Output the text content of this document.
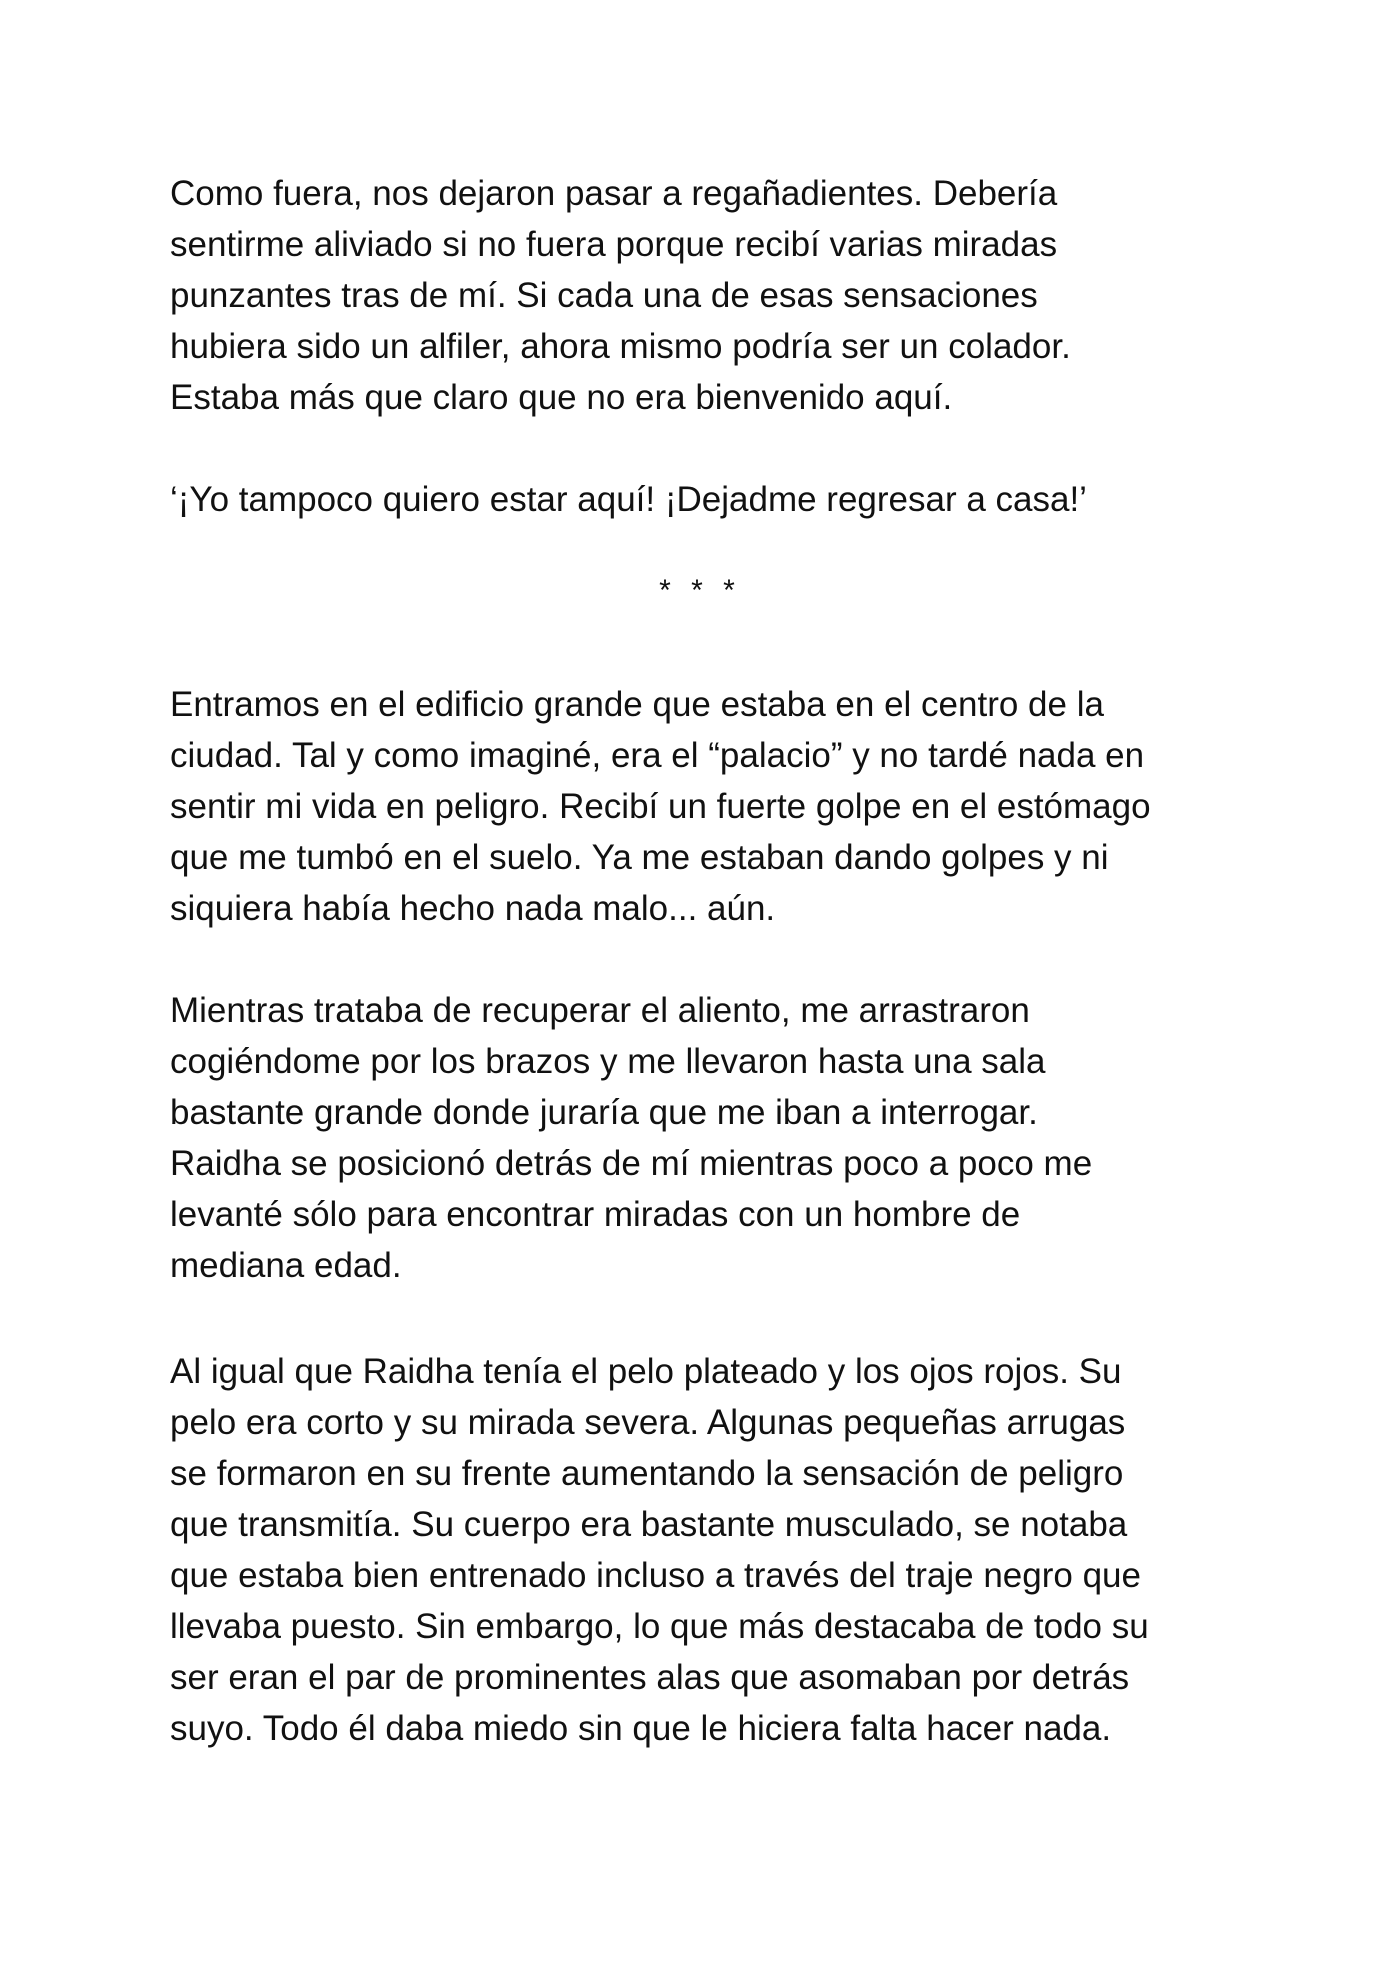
Como fuera, nos dejaron pasar a regañadientes. Debería
sentirme aliviado si no fuera porque recibí varias miradas
punzantes tras de mí. Si cada una de esas sensaciones
hubiera sido un alfiler, ahora mismo podría ser un colador.
Estaba más que claro que no era bienvenido aquí.
‘¡Yo tampoco quiero estar aquí! ¡Dejadme regresar a casa!’
* * *
Entramos en el edificio grande que estaba en el centro de la
ciudad. Tal y como imaginé, era el “palacio” y no tardé nada en
sentir mi vida en peligro. Recibí un fuerte golpe en el estómago
que me tumbó en el suelo. Ya me estaban dando golpes y ni
siquiera había hecho nada malo... aún.
Mientras trataba de recuperar el aliento, me arrastraron
cogiéndome por los brazos y me llevaron hasta una sala
bastante grande donde juraría que me iban a interrogar.
Raidha se posicionó detrás de mí mientras poco a poco me
levanté sólo para encontrar miradas con un hombre de
mediana edad.
Al igual que Raidha tenía el pelo plateado y los ojos rojos. Su
pelo era corto y su mirada severa. Algunas pequeñas arrugas
se formaron en su frente aumentando la sensación de peligro
que transmitía. Su cuerpo era bastante musculado, se notaba
que estaba bien entrenado incluso a través del traje negro que
llevaba puesto. Sin embargo, lo que más destacaba de todo su
ser eran el par de prominentes alas que asomaban por detrás
suyo. Todo él daba miedo sin que le hiciera falta hacer nada.
